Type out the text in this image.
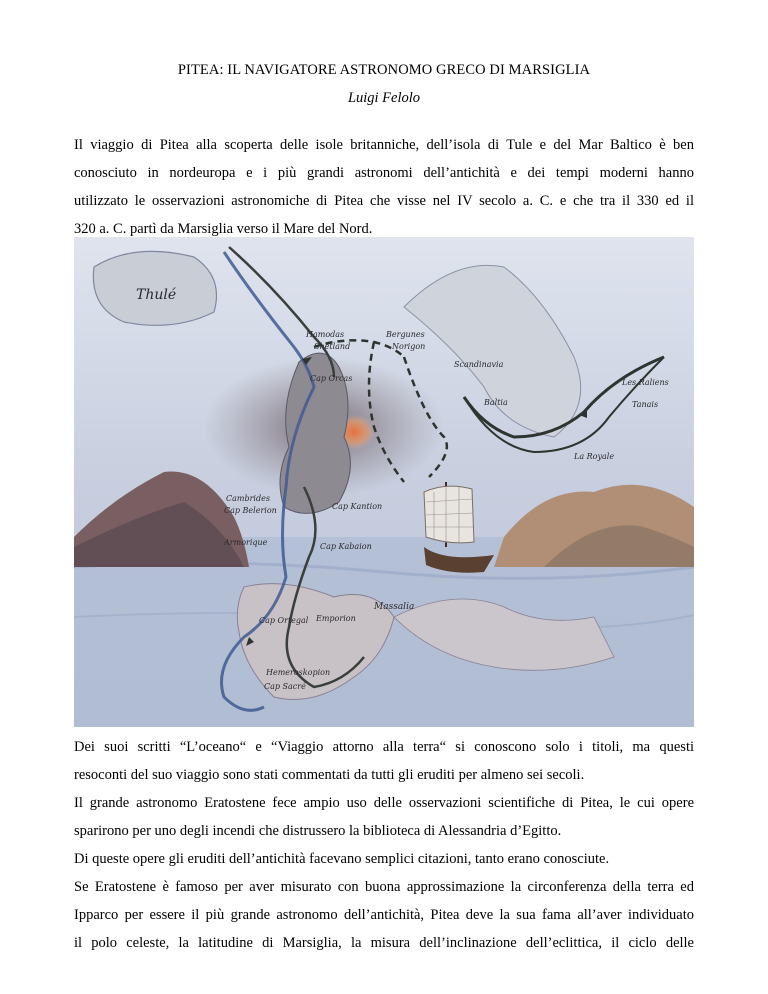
PITEA: IL NAVIGATORE ASTRONOMO GRECO DI MARSIGLIA
Luigi Felolo
Il viaggio di Pitea alla scoperta delle isole britanniche, dell’isola di Tule e del Mar Baltico è ben
conosciuto in nordeuropa e i più grandi astronomi dell’antichità e dei tempi moderni hanno
utilizzato le osservazioni astronomiche di Pitea che visse nel IV secolo a. C. e che tra il 330 ed il
320 a. C. partì da Marsiglia verso il Mare del Nord.
Thulé
Hamodas
Shetland
Bergunes
Norigon
Scandinavia
Cap Orcas
Baltia
Les Raliens
Tanais
La Royale
Cambrides
Cap Belerion	Cap Kantion
Armorique	Cap Kabaion
Massalia
Cap Ortegal Emporion
Hemeroskopion
Cap Sacré
Dei suoi scritti “L’oceano“ e “Viaggio attorno alla terra“ si conoscono solo i titoli, ma questi
resoconti del suo viaggio sono stati commentati da tutti gli eruditi per almeno sei secoli.
Il grande astronomo Eratostene fece ampio uso delle osservazioni scientifiche di Pitea, le cui opere
sparirono per uno degli incendi che distrussero la biblioteca di Alessandria d’Egitto.
Di queste opere gli eruditi dell’antichità facevano semplici citazioni, tanto erano conosciute.
Se Eratostene è famoso per aver misurato con buona approssimazione la circonferenza della terra ed
Ipparco per essere il più grande astronomo dell’antichità, Pitea deve la sua fama all’aver individuato
il polo celeste, la latitudine di Marsiglia, la misura dell’inclinazione dell’eclittica, il ciclo delle
